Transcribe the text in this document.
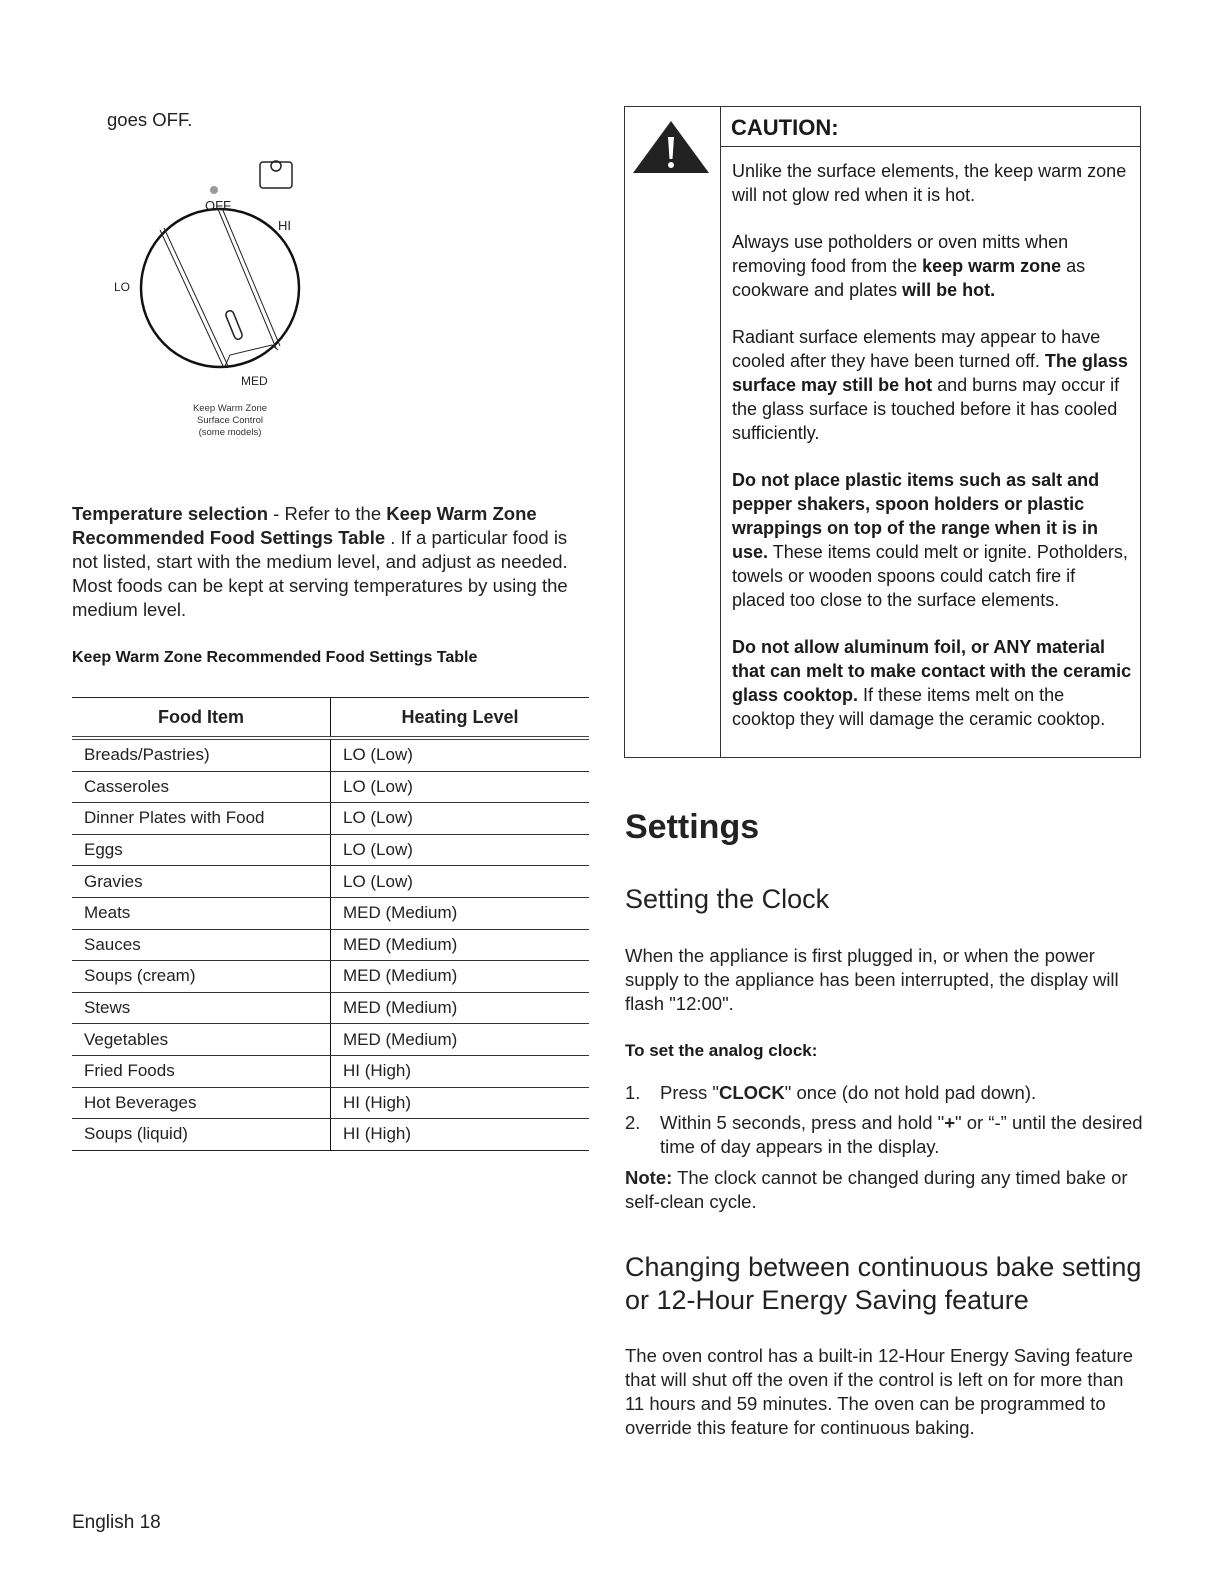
goes OFF.
OFF
HI
LO
MED
Keep Warm Zone
Surface Control
(some models)
Temperature selection - Refer to the Keep Warm Zone Recommended Food Settings Table . If a particular food is not listed, start with the medium level, and adjust as needed. Most foods can be kept at serving temperatures by using the medium level.
Keep Warm Zone Recommended Food Settings Table
Food Item	Heating Level
Breads/Pastries)	LO (Low)
Casseroles	LO (Low)
Dinner Plates with Food	LO (Low)
Eggs	LO (Low)
Gravies	LO (Low)
Meats	MED (Medium)
Sauces	MED (Medium)
Soups (cream)	MED (Medium)
Stews	MED (Medium)
Vegetables	MED (Medium)
Fried Foods	HI (High)
Hot Beverages	HI (High)
Soups (liquid)	HI (High)
CAUTION:

Unlike the surface elements, the keep warm zone will not glow red when it is hot.

Always use potholders or oven mitts when removing food from the keep warm zone as cookware and plates will be hot.

Radiant surface elements may appear to have cooled after they have been turned off. The glass surface may still be hot and burns may occur if the glass surface is touched before it has cooled sufficiently.

Do not place plastic items such as salt and pepper shakers, spoon holders or plastic wrappings on top of the range when it is in use. These items could melt or ignite. Potholders, towels or wooden spoons could catch fire if placed too close to the surface elements.

Do not allow aluminum foil, or ANY material that can melt to make contact with the ceramic glass cooktop. If these items melt on the cooktop they will damage the ceramic cooktop.

Settings
Setting the Clock
When the appliance is first plugged in, or when the power supply to the appliance has been interrupted, the display will flash "12:00".
To set the analog clock:
1. Press "CLOCK" once (do not hold pad down).
2. Within 5 seconds, press and hold "+" or “-” until the desired time of day appears in the display.
Note: The clock cannot be changed during any timed bake or self-clean cycle.
Changing between continuous bake setting or 12-Hour Energy Saving feature
The oven control has a built-in 12-Hour Energy Saving feature that will shut off the oven if the control is left on for more than 11 hours and 59 minutes. The oven can be programmed to override this feature for continuous baking.
English 18
